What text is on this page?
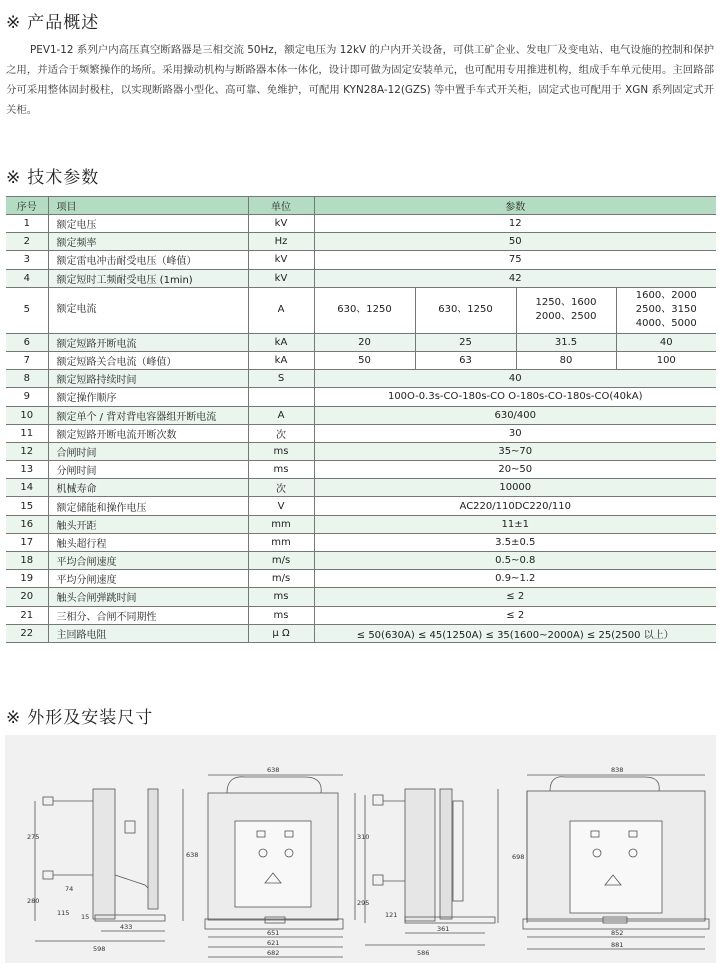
※ 产品概述

PEV1-12 系列户内高压真空断路器是三相交流 50Hz，额定电压为 12kV 的户内开关设备，可供工矿企业、发电厂及变电站、电气设施的控制和保护之用，并适合于频繁操作的场所。采用操动机构与断路器本体一体化，设计即可做为固定安装单元，也可配用专用推进机构，组成手车单元使用。主回路部分可采用整体固封极柱，以实现断路器小型化、高可靠、免维护，可配用 KYN28A-12(GZS) 等中置手车式开关柜，固定式也可配用于 XGN 系列固定式开关柜。

※ 技术参数
序号	项目	单位	参数			
1	额定电压	kV	12			
2	额定频率	Hz	50			
3	额定雷电冲击耐受电压（峰值）	kV	75			
4	额定短时工频耐受电压 (1min)	kV	42			
5	额定电流	A	630、1250	630、1250	1250、1600 2000、2500	1600、2000 2500、3150 4000、5000
6	额定短路开断电流	kA	20	25	31.5	40
7	额定短路关合电流（峰值）	kA	50	63	80	100
8	额定短路持续时间	S	40			
9	额定操作顺序		100O-0.3s-CO-180s-CO O-180s-CO-180s-CO(40kA)			
10	额定单个 / 背对背电容器组开断电流	A	630/400			
11	额定短路开断电流开断次数	次	30			
12	合闸时间	ms	35~70			
13	分闸时间	ms	20~50			
14	机械寿命	次	10000			
15	额定储能和操作电压	V	AC220/110DC220/110			
16	触头开距	mm	11±1			
17	触头超行程	mm	3.5±0.5			
18	平均合闸速度	m/s	0.5~0.8			
19	平均分闸速度	m/s	0.9~1.2			
20	触头合闸弹跳时间	ms	≤ 2			
21	三相分、合闸不同期性	ms	≤ 2			
22	主回路电阻	μ Ω	≤ 50(630A) ≤ 45(1250A) ≤ 35(1600~2000A) ≤ 25(2500 以上）			
※ 外形及安装尺寸
275
280
74
115 15
433
598
638
638
651
621
682
310
295
121
361
586
838
698
852
881
